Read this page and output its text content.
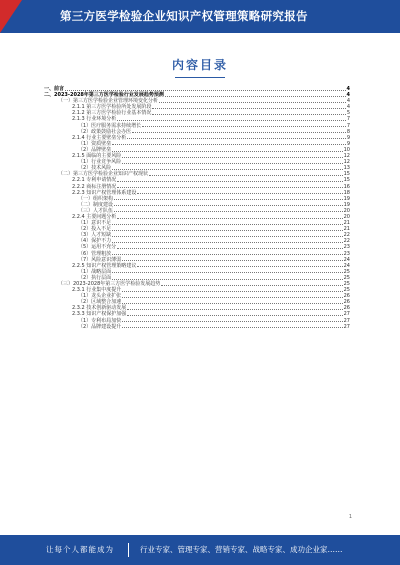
第三方医学检验企业知识产权管理策略研究报告
内容目录
一、前言	4
二、2023-2028年第三方医学检验行业发展趋势预测	4
（一）第三方医学检验企业管理环境变化分析	4
2.1.1 第三方医学检验所处发展阶段	4
2.1.2 第三方医学检验行业基本情况	5
2.1.3 行业环境分析	7
（1）医疗服务需求持续增长	7
（2）政策鼓励社会办医	8
2.1.4 行业主要壁垒分析	9
（1）资质壁垒	9
（2）品牌壁垒	10
2.1.5 面临的主要风险	12
（1）行业竞争风险	12
（2）技术风险	13
（二）第三方医学检验企业知识产权现状	15
2.2.1 专利申请情况	15
2.2.2 商标注册情况	16
2.2.3 知识产权管理体系建设	18
（一）组织架构	19
（二）制度建设	19
（三）人才队伍	20
2.2.4 主要问题分析	20
（1）意识不足	21
（2）投入不足	21
（3）人才短缺	22
（4）保护不力	22
（5）运用不充分	23
（6）管理粗放	23
（7）风险意识薄弱	24
2.2.5 知识产权管理策略建议	24
（1）战略层面	25
（2）执行层面	25
（三）2023-2028年第三方医学检验发展趋势	25
2.3.1 行业集中度提升	25
（1）龙头企业扩张	26
（2）区域整合加速	26
2.3.2 技术创新驱动发展	26
2.3.3 知识产权保护加强	27
（1）专利布局加快	27
（2）品牌建设提升	27
1
让每个人都能成为	行业专家、管理专家、营销专家、战略专家、成功企业家……
